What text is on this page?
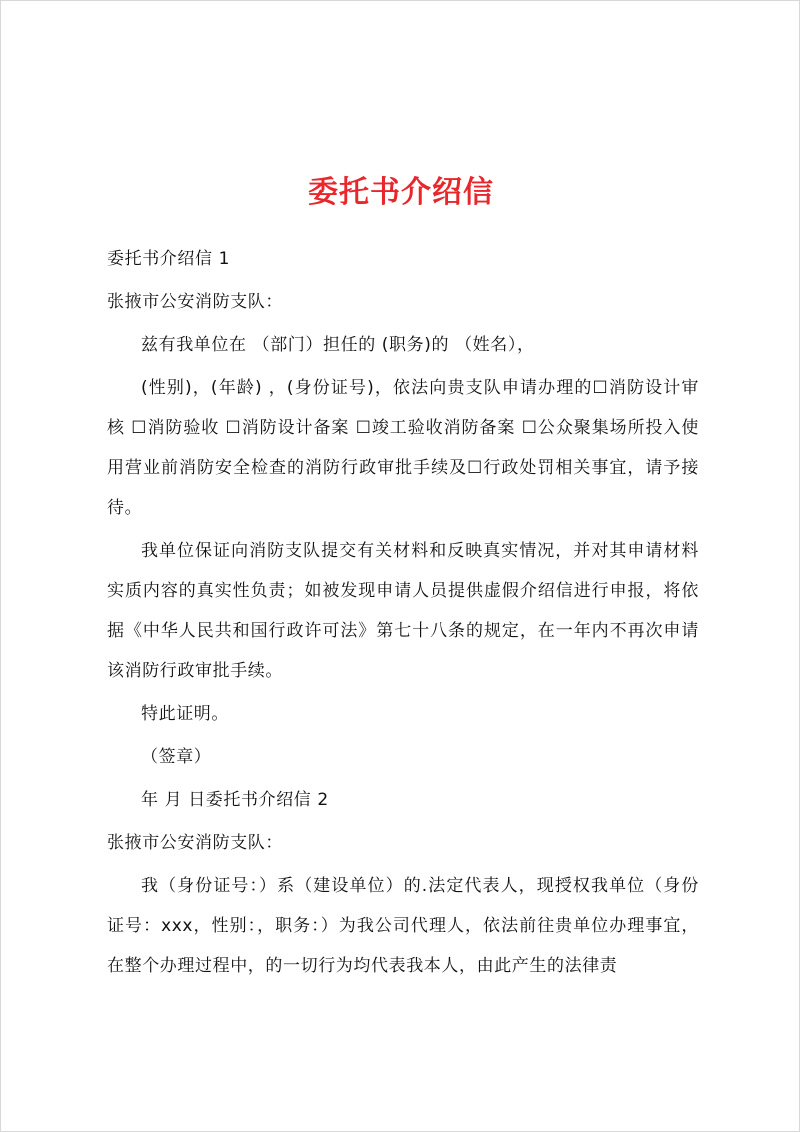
委托书介绍信

委托书介绍信 1

张掖市公安消防支队：

兹有我单位在 （部门）担任的 (职务)的 （姓名），

(性别)，(年龄) ，(身份证号)，依法向贵支队申请办理的☐消防设计审核 ☐消防验收 ☐消防设计备案 ☐竣工验收消防备案 ☐公众聚集场所投入使用营业前消防安全检查的消防行政审批手续及☐行政处罚相关事宜，请予接待。

我单位保证向消防支队提交有关材料和反映真实情况，并对其申请材料实质内容的真实性负责；如被发现申请人员提供虚假介绍信进行申报，将依据《中华人民共和国行政许可法》第七十八条的规定，在一年内不再次申请该消防行政审批手续。

特此证明。

（签章）

年 月 日委托书介绍信 2

张掖市公安消防支队：

我（身份证号：）系（建设单位）的.法定代表人，现授权我单位（身份证号：xxx，性别：，职务：）为我公司代理人，依法前往贵单位办理事宜，在整个办理过程中，的一切行为均代表我本人，由此产生的法律责
